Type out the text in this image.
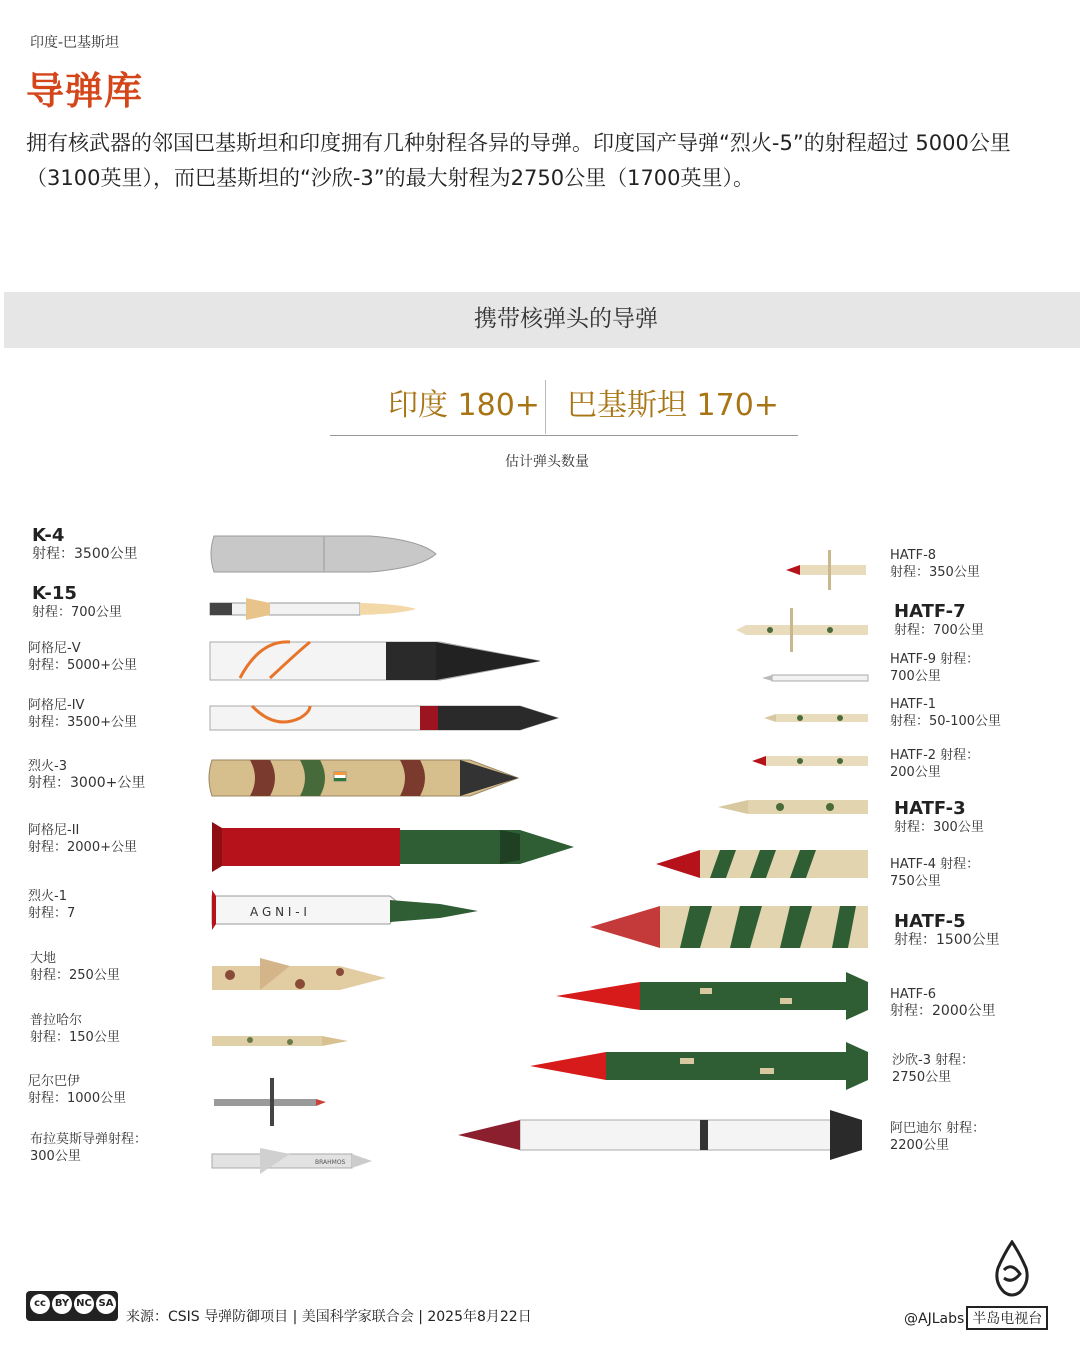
印度-巴基斯坦
导弹库
拥有核武器的邻国巴基斯坦和印度拥有几种射程各异的导弹。印度国产导弹“烈火-5”的射程超过 5000公里（3100英里），而巴基斯坦的“沙欣-3”的最大射程为2750公里（1700英里）。
携带核弹头的导弹
印度 180+ 巴基斯坦 170+
估计弹头数量
A G N I - I
BRAHMOS
K-4
射程：3500公里
K-15
射程：700公里
阿格尼-V
射程：5000+公里
阿格尼-IV
射程：3500+公里
烈火-3
射程：3000+公里
阿格尼-II
射程：2000+公里
烈火-1
射程：7
大地
射程：250公里
普拉哈尔
射程：150公里
尼尔巴伊
射程：1000公里
布拉莫斯导弹射程：
300公里
HATF-8
射程：350公里
HATF-7
射程：700公里
HATF-9 射程：
700公里
HATF-1
射程：50-100公里
HATF-2 射程：
200公里
HATF-3
射程：300公里
HATF-4 射程：
750公里
HATF-5
射程：1500公里
HATF-6
射程：2000公里
沙欣-3 射程：
2750公里
阿巴迪尔 射程：
2200公里
cc BY NC SA
来源：CSIS 导弹防御项目 | 美国科学家联合会 | 2025年8月22日	@AJLabs 半岛电视台
